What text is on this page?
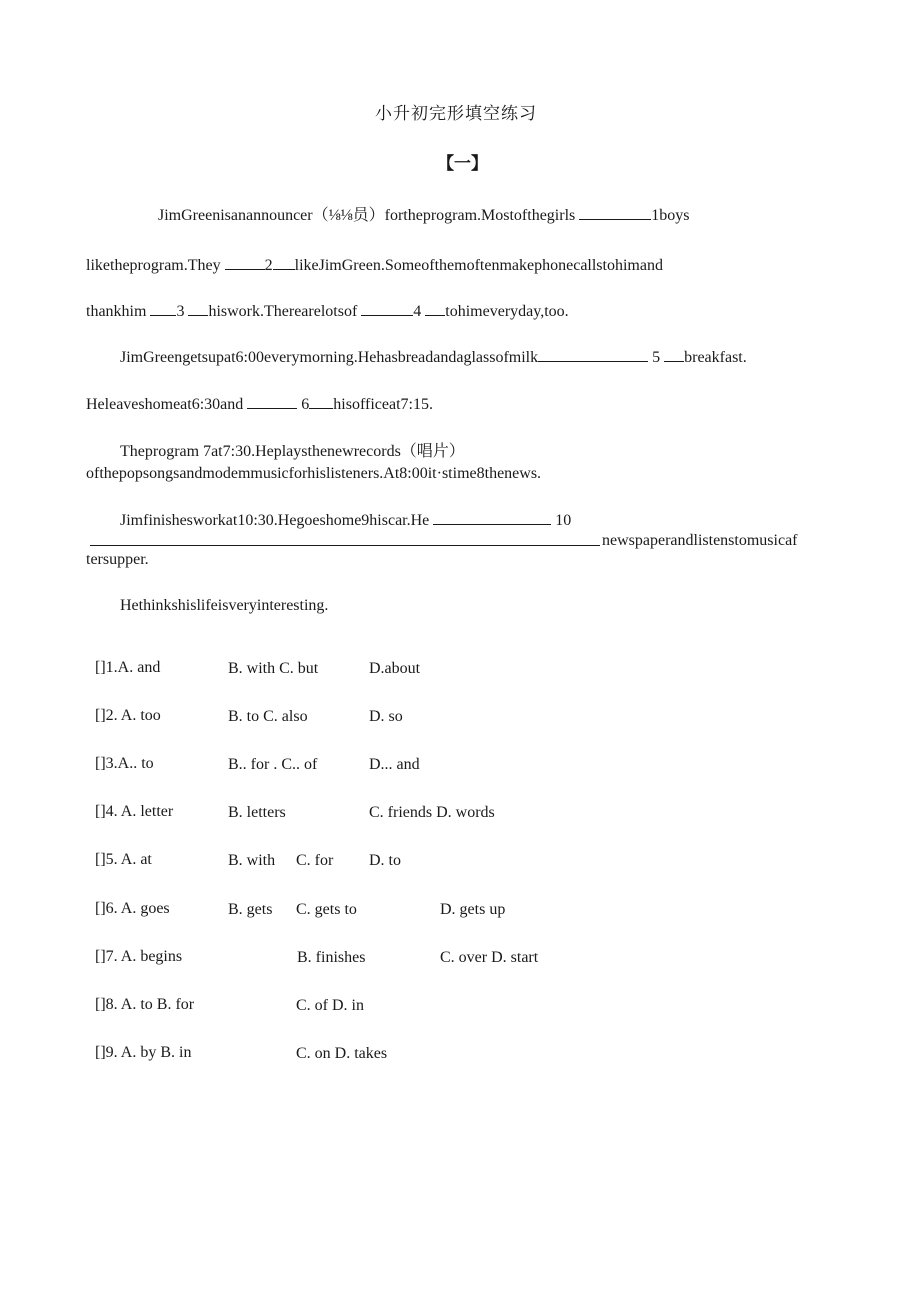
小升初完形填空练习
【一】
JimGreenisanannouncer（⅛⅛员）fortheprogram.Mostofthegirls	1boys
liketheprogram.They	2 likeJimGreen.Someofthemoftenmakephonecallstohimand
thankhim 3 hiswork.Therearelotsof	4 tohimeveryday,too.
JimGreengetsupat6:00everymorning.Hehasbreadandaglassofmilk	5 breakfast.
Heleaveshomeat6:30and	6 hisofficeat7:15.
Theprogram 7at7:30.Heplaysthenewrecords（唱片）
ofthepopsongsandmodemmusicforhislisteners.At8:00it·stime8thenews.
Jimfinishesworkat10:30.Hegoeshome9hiscar.He	10
newspaperandlistenstomusicaf
tersupper.
Hethinkshislifeisveryinteresting.
[]1.A. and	B. with C. but	D.about
[]2. A. too	B. to C. also	D. so
[]3.A.. to	B.. for . C.. of	D... and
[]4. A. letter	B. letters	C. friends D. words
[]5. A. at	B. with C. for D. to
[]6. A. goes	B. gets C. gets to	D. gets up
[]7. A. begins	B. finishes	C. over D. start
[]8. A. to B. for	C. of D. in
[]9. A. by B. in	C. on D. takes
